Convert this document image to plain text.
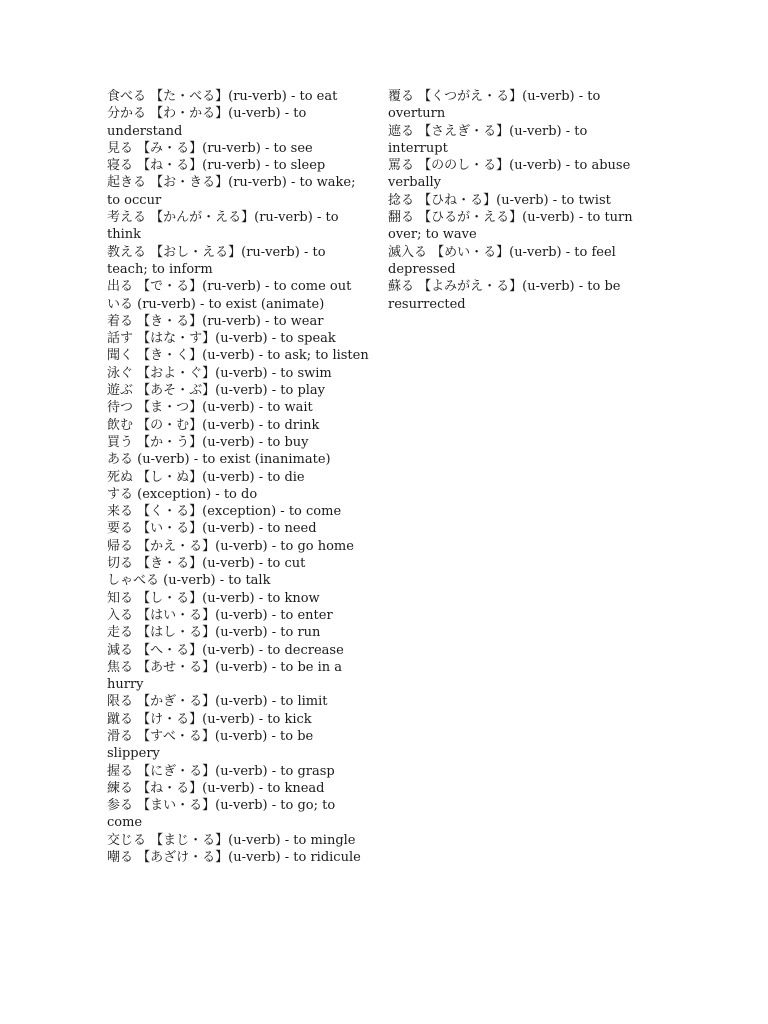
食べる 【た・べる】(ru-verb) - to eat

分かる 【わ・かる】(u-verb) - to understand

見る 【み・る】(ru-verb) - to see

寝る 【ね・る】(ru-verb) - to sleep

起きる 【お・きる】(ru-verb) - to wake; to occur

考える 【かんが・える】(ru-verb) - to think

教える 【おし・える】(ru-verb) - to teach; to inform

出る 【で・る】(ru-verb) - to come out

いる (ru-verb) - to exist (animate)

着る 【き・る】(ru-verb) - to wear

話す 【はな・す】(u-verb) - to speak

聞く 【き・く】(u-verb) - to ask; to listen

泳ぐ 【およ・ぐ】(u-verb) - to swim

遊ぶ 【あそ・ぶ】(u-verb) - to play

待つ 【ま・つ】(u-verb) - to wait

飲む 【の・む】(u-verb) - to drink

買う 【か・う】(u-verb) - to buy

ある (u-verb) - to exist (inanimate)

死ぬ 【し・ぬ】(u-verb) - to die

する (exception) - to do

来る 【く・る】(exception) - to come

要る 【い・る】(u-verb) - to need

帰る 【かえ・る】(u-verb) - to go home

切る 【き・る】(u-verb) - to cut

しゃべる (u-verb) - to talk

知る 【し・る】(u-verb) - to know

入る 【はい・る】(u-verb) - to enter

走る 【はし・る】(u-verb) - to run

減る 【へ・る】(u-verb) - to decrease

焦る 【あせ・る】(u-verb) - to be in a hurry

限る 【かぎ・る】(u-verb) - to limit

蹴る 【け・る】(u-verb) - to kick

滑る 【すべ・る】(u-verb) - to be slippery

握る 【にぎ・る】(u-verb) - to grasp

練る 【ね・る】(u-verb) - to knead

参る 【まい・る】(u-verb) - to go; to come

交じる 【まじ・る】(u-verb) - to mingle

嘲る 【あざけ・る】(u-verb) - to ridicule

覆る 【くつがえ・る】(u-verb) - to overturn

遮る 【さえぎ・る】(u-verb) - to interrupt

罵る 【ののし・る】(u-verb) - to abuse verbally

捻る 【ひね・る】(u-verb) - to twist

翻る 【ひるが・える】(u-verb) - to turn over; to wave

滅入る 【めい・る】(u-verb) - to feel depressed

蘇る 【よみがえ・る】(u-verb) - to be resurrected
